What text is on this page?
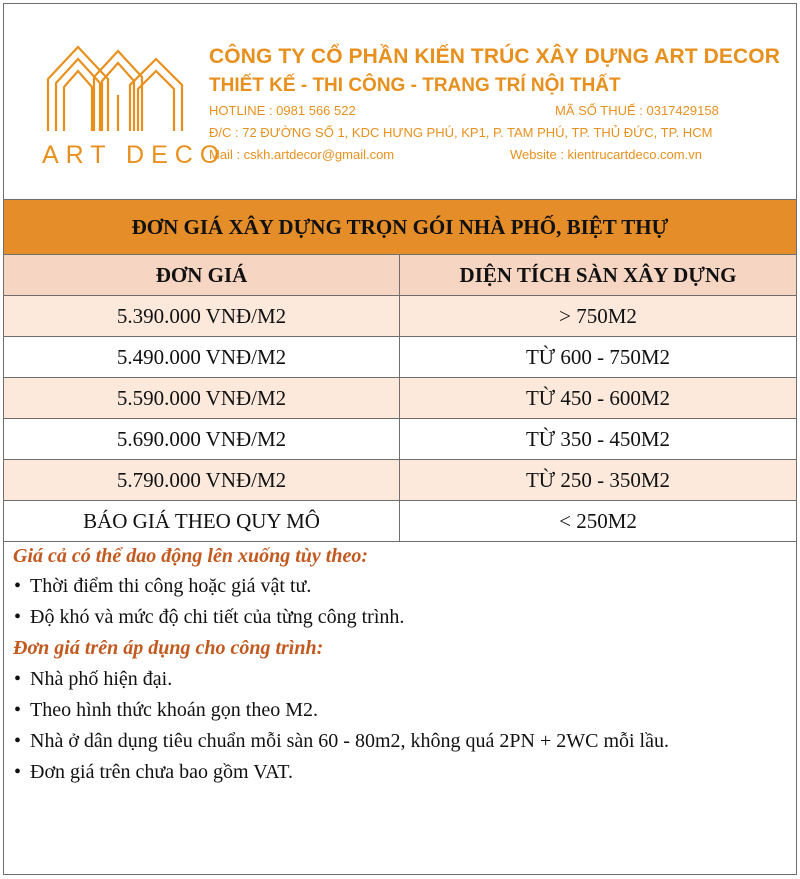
ART DECO
CÔNG TY CỔ PHẦN KIẾN TRÚC XÂY DỰNG ART DECOR
THIẾT KẾ - THI CÔNG - TRANG TRÍ NỘI THẤT
HOTLINE : 0981 566 522	MÃ SỐ THUẾ : 0317429158
Đ/C : 72 ĐƯỜNG SỐ 1, KDC HƯNG PHÚ, KP1, P. TAM PHÚ, TP. THỦ ĐỨC, TP. HCM
Mail : cskh.artdecor@gmail.com	Website : kientrucartdeco.com.vn
ĐƠN GIÁ XÂY DỰNG TRỌN GÓI NHÀ PHỐ, BIỆT THỰ
ĐƠN GIÁ	DIỆN TÍCH SÀN XÂY DỰNG
5.390.000 VNĐ/M2	> 750M2
5.490.000 VNĐ/M2	TỪ 600 - 750M2
5.590.000 VNĐ/M2	TỪ 450 - 600M2
5.690.000 VNĐ/M2	TỪ 350 - 450M2
5.790.000 VNĐ/M2	TỪ 250 - 350M2
BÁO GIÁ THEO QUY MÔ	< 250M2
Giá cả có thể dao động lên xuống tùy theo:
• Thời điểm thi công hoặc giá vật tư.
• Độ khó và mức độ chi tiết của từng công trình.
Đơn giá trên áp dụng cho công trình:
• Nhà phố hiện đại.
• Theo hình thức khoán gọn theo M2.
• Nhà ở dân dụng tiêu chuẩn mỗi sàn 60 - 80m2, không quá 2PN + 2WC mỗi lầu.
• Đơn giá trên chưa bao gồm VAT.
